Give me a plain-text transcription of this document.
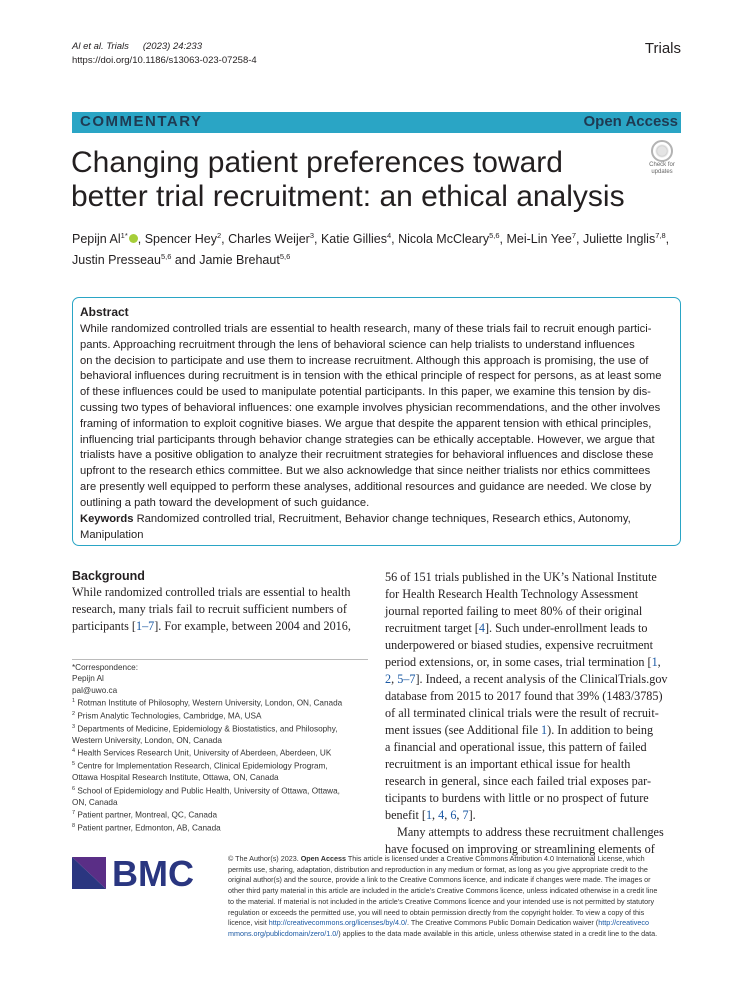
Al et al. Trials (2023) 24:233
https://doi.org/10.1186/s13063-023-07258-4
Trials
COMMENTARY	Open Access
Changing patient preferences toward better trial recruitment: an ethical analysis
Check for
updates
Pepijn $Al^{1*}$ , Spencer Hey$^2$, Charles Weijer$^3$, Katie Gillies$^4$, Nicola McCleary$^{5,6}$, Mei-Lin Yee$^7$, Juliette Inglis$^{7,8}$,
Justin Presseau$^{5,6}$ and Jamie Brehaut$^{5,6}$
Abstract
While randomized controlled trials are essential to health research, many of these trials fail to recruit enough partici-
pants. Approaching recruitment through the lens of behavioral science can help trialists to understand influences
on the decision to participate and use them to increase recruitment. Although this approach is promising, the use of
behavioral influences during recruitment is in tension with the ethical principle of respect for persons, as at least some
of these influences could be used to manipulate potential participants. In this paper, we examine this tension by dis-
cussing two types of behavioral influences: one example involves physician recommendations, and the other involves
framing of information to exploit cognitive biases. We argue that despite the apparent tension with ethical principles,
influencing trial participants through behavior change strategies can be ethically acceptable. However, we argue that
trialists have a positive obligation to analyze their recruitment strategies for behavioral influences and disclose these
upfront to the research ethics committee. But we also acknowledge that since neither trialists nor ethics committees
are presently well equipped to perform these analyses, additional resources and guidance are needed. We close by
outlining a path toward the development of such guidance.
Keywords Randomized controlled trial, Recruitment, Behavior change techniques, Research ethics, Autonomy,
Manipulation
Background
While randomized controlled trials are essential to health
research, many trials fail to recruit sufficient numbers of
participants [1–7]. For example, between 2004 and 2016,
*Correspondence:
Pepijn Al
pal@uwo.ca
$^1$ Rotman Institute of Philosophy, Western University, London, ON, Canada
$^2$ Prism Analytic Technologies, Cambridge, MA, USA
$^3$ Departments of Medicine, Epidemiology & Biostatistics, and Philosophy,
Western University, London, ON, Canada
$^4$ Health Services Research Unit, University of Aberdeen, Aberdeen, UK
$^5$ Centre for Implementation Research, Clinical Epidemiology Program,
Ottawa Hospital Research Institute, Ottawa, ON, Canada
$^6$ School of Epidemiology and Public Health, University of Ottawa, Ottawa,
ON, Canada
$^7$ Patient partner, Montreal, QC, Canada
$^8$ Patient partner, Edmonton, AB, Canada
56 of 151 trials published in the UK’s National Institute
for Health Research Health Technology Assessment
journal reported failing to meet 80% of their original
recruitment target [4]. Such under-enrollment leads to
underpowered or biased studies, expensive recruitment
period extensions, or, in some cases, trial termination [1,
2, 5–7]. Indeed, a recent analysis of the ClinicalTrials.gov
database from 2015 to 2017 found that 39% (1483/3785)
of all terminated clinical trials were the result of recruit-
ment issues (see Additional file 1). In addition to being
a financial and operational issue, this pattern of failed
recruitment is an important ethical issue for health
research in general, since each failed trial exposes par-
ticipants to burdens with little or no prospect of future
benefit [1, 4, 6, 7].

Many attempts to address these recruitment challenges

have focused on improving or streamlining elements of
BMC	© The Author(s) 2023. Open Access This article is licensed under a Creative Commons Attribution 4.0 International License, which
permits use, sharing, adaptation, distribution and reproduction in any medium or format, as long as you give appropriate credit to the
original author(s) and the source, provide a link to the Creative Commons licence, and indicate if changes were made. The images or
other third party material in this article are included in the article’s Creative Commons licence, unless indicated otherwise in a credit line
to the material. If material is not included in the article’s Creative Commons licence and your intended use is not permitted by statutory
regulation or exceeds the permitted use, you will need to obtain permission directly from the copyright holder. To view a copy of this
licence, visit http://creativecommons.org/licenses/by/4.0/. The Creative Commons Public Domain Dedication waiver (http://creativeco
mmons.org/publicdomain/zero/1.0/) applies to the data made available in this article, unless otherwise stated in a credit line to the data.
